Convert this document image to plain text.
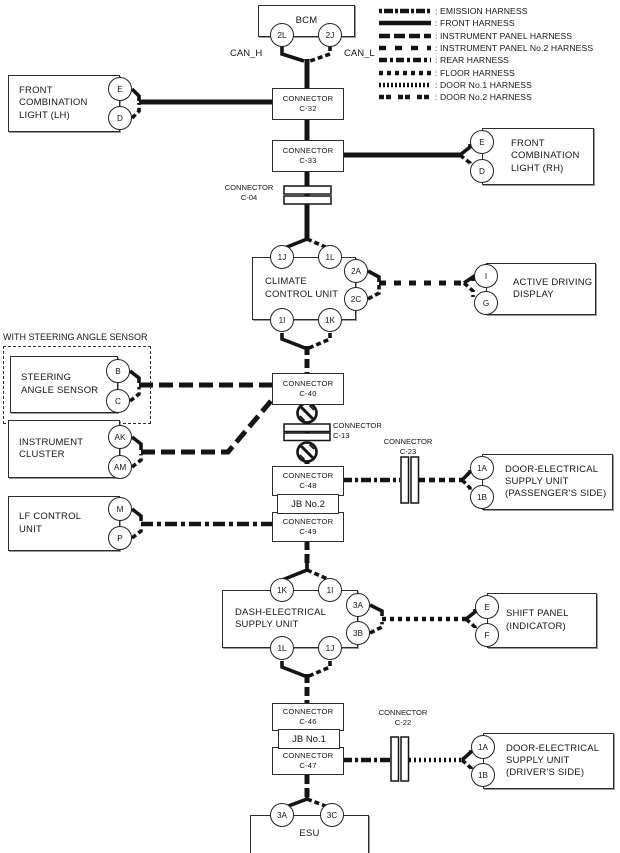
: EMISSION HARNESS
: FRONT HARNESS
: INSTRUMENT PANEL HARNESS
: INSTRUMENT PANEL No.2 HARNESS
: REAR HARNESS
: FLOOR HARNESS
: DOOR No.1 HARNESS
: DOOR No.2 HARNESS
CAN_H	CAN_L
WITH STEERING ANGLE SENSOR
BCM
FRONT
COMBINATION
LIGHT (LH)
FRONT
COMBINATION
LIGHT (RH)
CLIMATE
CONTROL UNIT
ACTIVE DRIVING
DISPLAY
STEERING
ANGLE SENSOR
INSTRUMENT
CLUSTER
LF CONTROL
UNIT
DOOR-ELECTRICAL
SUPPLY UNIT
(PASSENGER'S SIDE)
DASH-ELECTRICAL
SUPPLY UNIT
SHIFT PANEL
(INDICATOR)
DOOR-ELECTRICAL
SUPPLY UNIT
(DRIVER'S SIDE)
ESU
CONNECTOR
C-32
CONNECTOR
C-33
CONNECTOR
C-04
CONNECTOR
C-40
CONNECTOR
C-13
CONNECTOR
C-48
JB No.2
CONNECTOR
C-49
CONNECTOR
C-23
CONNECTOR
C-46
JB No.1
CONNECTOR
C-47
CONNECTOR
C-22
2L	2J
E
D
E
D
1J	1L
2A
2C
1I	1K
I
G
B
C
AK
AM
M
P
1A
1B
1K	1I
3A
3B
1L	1J
E
F
1A
1B
3A	3C
